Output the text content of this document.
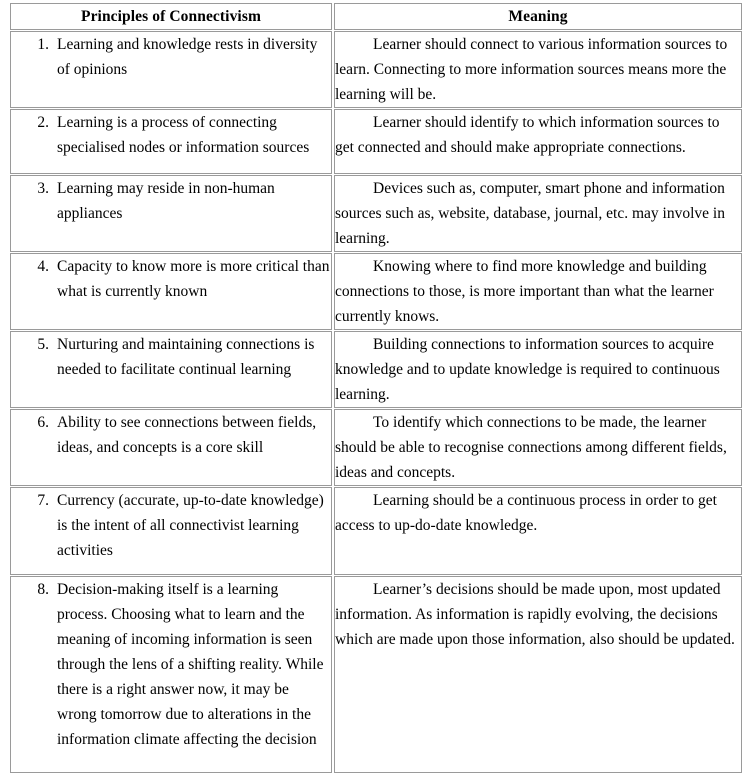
Principles of Connectivism	Meaning

1. Learning and knowledge rests in diversity of opinions	Learner should connect to various information sources to learn. Connecting to more information sources means more the learning will be.

2. Learning is a process of connecting specialised nodes or information sources	Learner should identify to which information sources to get connected and should make appropriate connections.

3. Learning may reside in non-human appliances	Devices such as, computer, smart phone and information sources such as, website, database, journal, etc. may involve in learning.

4. Capacity to know more is more critical than what is currently known	Knowing where to find more knowledge and building connections to those, is more important than what the learner currently knows.

5. Nurturing and maintaining connections is needed to facilitate continual learning	Building connections to information sources to acquire knowledge and to update knowledge is required to continuous learning.

6. Ability to see connections between fields, ideas, and concepts is a core skill	To identify which connections to be made, the learner should be able to recognise connections among different fields, ideas and concepts.

7. Currency (accurate, up-to-date knowledge) is the intent of all connectivist learning activities	Learning should be a continuous process in order to get access to up-do-date knowledge.

8. Decision-making itself is a learning process. Choosing what to learn and the meaning of incoming information is seen through the lens of a shifting reality. While there is a right answer now, it may be wrong tomorrow due to alterations in the information climate affecting the decision	Learner’s decisions should be made upon, most updated information. As information is rapidly evolving, the decisions which are made upon those information, also should be updated.
